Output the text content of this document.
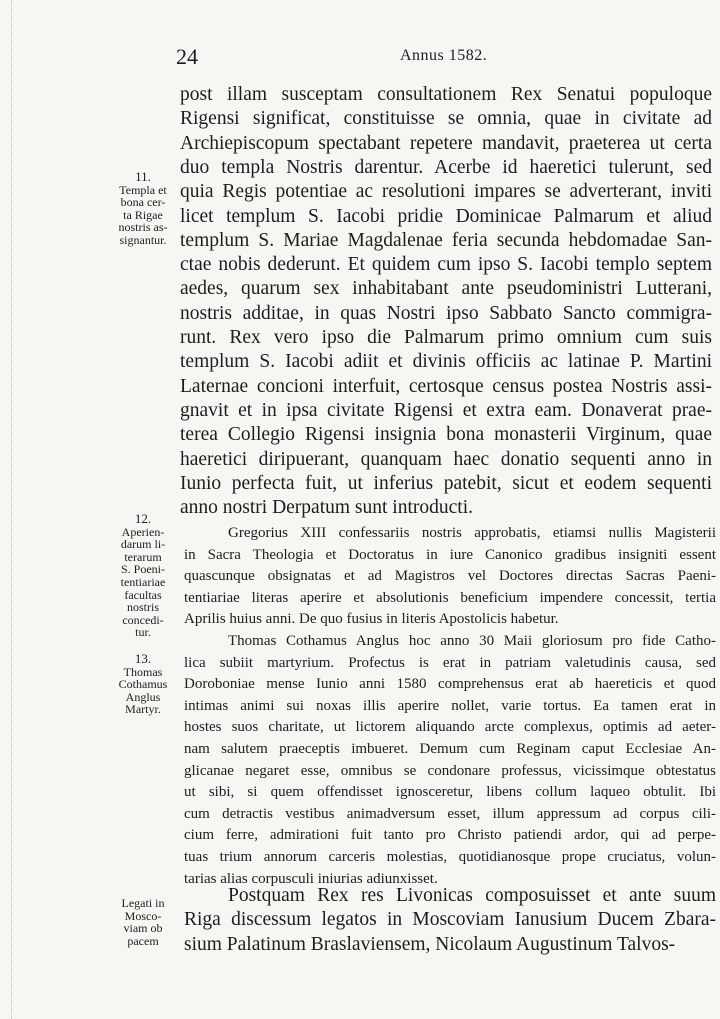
24	Annus 1582.
post illam susceptam consultationem Rex Senatui populoque
Rigensi significat, constituisse se omnia, quae in civitate ad
Archiepiscopum spectabant repetere mandavit, praeterea ut certa
duo templa Nostris darentur. Acerbe id haeretici tulerunt, sed
quia Regis potentiae ac resolutioni impares se adverterant, inviti
licet templum S. Iacobi pridie Dominicae Palmarum et aliud
templum S. Mariae Magdalenae feria secunda hebdomadae San-
ctae nobis dederunt. Et quidem cum ipso S. Iacobi templo septem
aedes, quarum sex inhabitabant ante pseudoministri Lutterani,
nostris additae, in quas Nostri ipso Sabbato Sancto commigra-
runt. Rex vero ipso die Palmarum primo omnium cum suis
templum S. Iacobi adiit et divinis officiis ac latinae P. Martini
Laternae concioni interfuit, certosque census postea Nostris assi-
gnavit et in ipsa civitate Rigensi et extra eam. Donaverat prae-
terea Collegio Rigensi insignia bona monasterii Virginum, quae
haeretici diripuerant, quanquam haec donatio sequenti anno in
Iunio perfecta fuit, ut inferius patebit, sicut et eodem sequenti
anno nostri Derpatum sunt introducti.
Gregorius XIII confessariis nostris approbatis, etiamsi nullis Magisterii
in Sacra Theologia et Doctoratus in iure Canonico gradibus insigniti essent
quascunque obsignatas et ad Magistros vel Doctores directas Sacras Paeni-
tentiariae literas aperire et absolutionis beneficium impendere concessit, tertia
Aprilis huius anni. De quo fusius in literis Apostolicis habetur.
Thomas Cothamus Anglus hoc anno 30 Maii gloriosum pro fide Catho-
lica subiit martyrium. Profectus is erat in patriam valetudinis causa, sed
Doroboniae mense Iunio anni 1580 comprehensus erat ab haereticis et quod
intimas animi sui noxas illis aperire nollet, varie tortus. Ea tamen erat in
hostes suos charitate, ut lictorem aliquando arcte complexus, optimis ad aeter-
nam salutem praeceptis imbueret. Demum cum Reginam caput Ecclesiae An-
glicanae negaret esse, omnibus se condonare professus, vicissimque obtestatus
ut sibi, si quem offendisset ignosceretur, libens collum laqueo obtulit. Ibi
cum detractis vestibus animadversum esset, illum appressum ad corpus cili-
cium ferre, admirationi fuit tanto pro Christo patiendi ardor, qui ad perpe-
tuas trium annorum carceris molestias, quotidianosque prope cruciatus, volun-
tarias alias corpusculi iniurias adiunxisset.
Postquam Rex res Livonicas composuisset et ante suum
Riga discessum legatos in Moscoviam Ianusium Ducem Zbara-
sium Palatinum Braslaviensem, Nicolaum Augustinum Talvos-
11.
Templa et
bona cer-
ta Rigae
nostris as-
signantur.
12.
Aperien-
darum li-
terarum
S. Poeni-
tentiariae
facultas
nostris
concedi-
tur.
13.
Thomas
Cothamus
Anglus
Martyr.
Legati in
Mosco-
viam ob
pacem
